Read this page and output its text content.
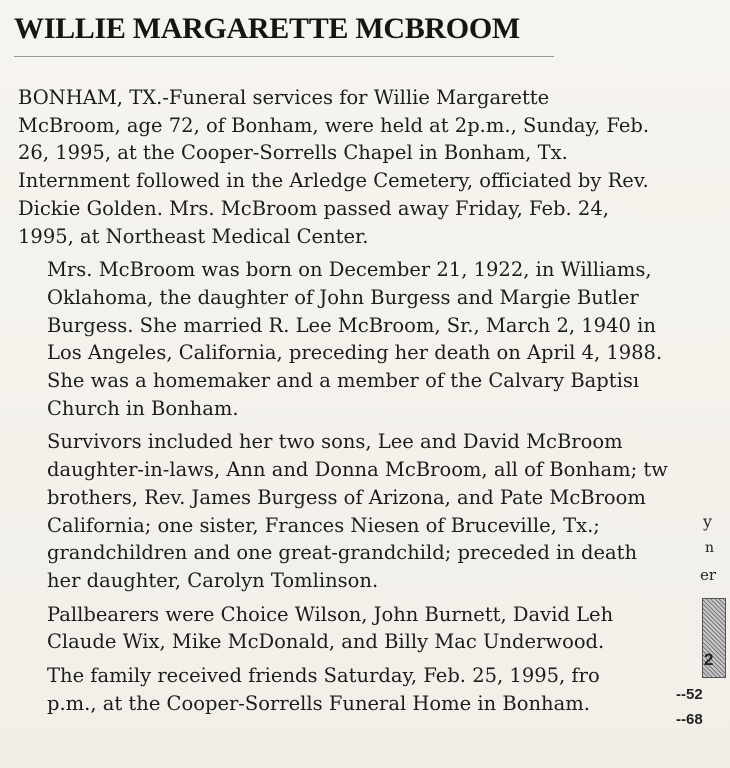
WILLIE MARGARETTE MCBROOM

BONHAM, TX.-Funeral services for Willie Margarette
McBroom, age 72, of Bonham, were held at 2p.m., Sunday, Feb.
26, 1995, at the Cooper-Sorrells Chapel in Bonham, Tx.
Internment followed in the Arledge Cemetery, officiated by Rev.
Dickie Golden. Mrs. McBroom passed away Friday, Feb. 24,
1995, at Northeast Medical Center.

Mrs. McBroom was born on December 21, 1922, in Williams,
Oklahoma, the daughter of John Burgess and Margie Butler
Burgess. She married R. Lee McBroom, Sr., March 2, 1940 in
Los Angeles, California, preceding her death on April 4, 1988.
She was a homemaker and a member of the Calvary Baptisı
Church in Bonham.

Survivors included her two sons, Lee and David McBroom
daughter-in-laws, Ann and Donna McBroom, all of Bonham; tw
brothers, Rev. James Burgess of Arizona, and Pate McBroom
California; one sister, Frances Niesen of Bruceville, Tx.;
grandchildren and one great-grandchild; preceded in death
her daughter, Carolyn Tomlinson.

Pallbearers were Choice Wilson, John Burnett, David Leh
Claude Wix, Mike McDonald, and Billy Mac Underwood.

The family received friends Saturday, Feb. 25, 1995, fro
p.m., at the Cooper-Sorrells Funeral Home in Bonham.

y
n
er
2
--52
--68
